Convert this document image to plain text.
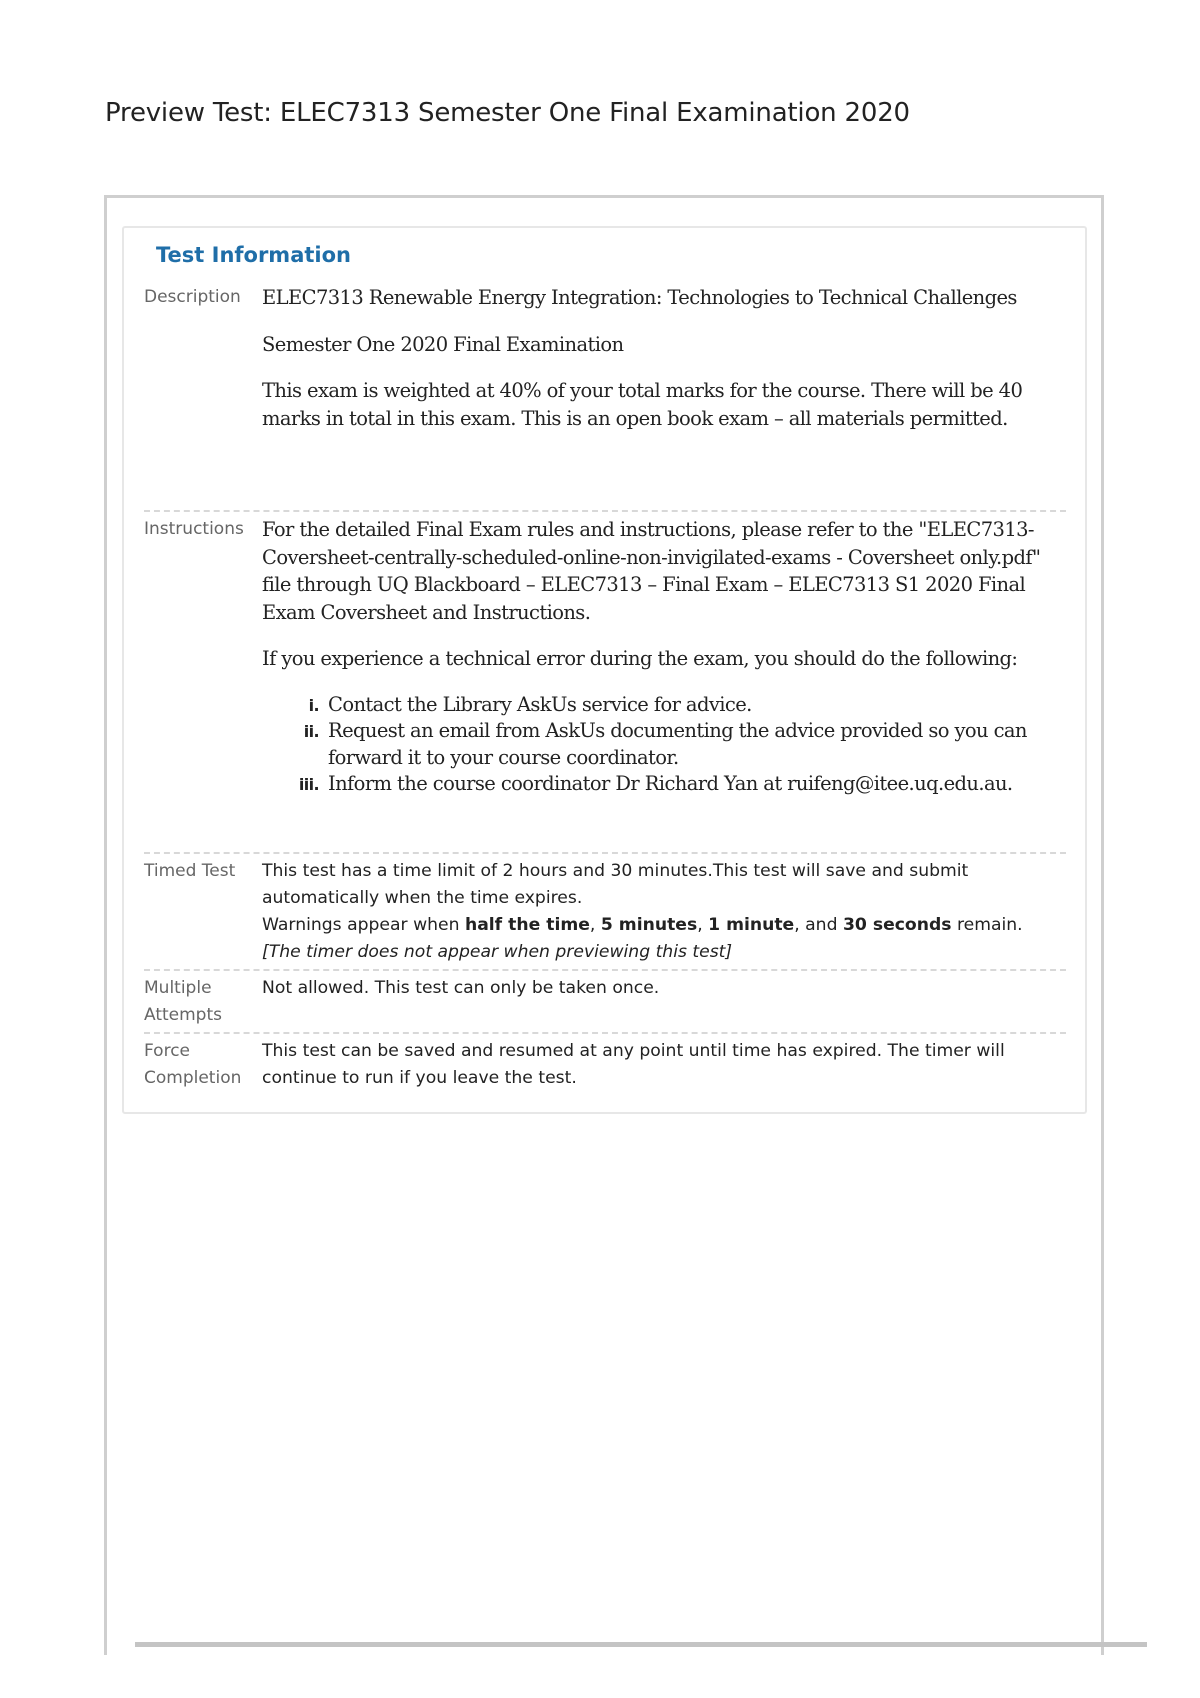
Preview Test: ELEC7313 Semester One Final Examination 2020
Test Information
Description	ELEC7313 Renewable Energy Integration: Technologies to Technical Challenges

Semester One 2020 Final Examination

This exam is weighted at 40% of your total marks for the course. There will be 40 marks in total in this exam. This is an open book exam – all materials permitted.

Instructions For the detailed Final Exam rules and instructions, please refer to the "ELEC7313-Coversheet-centrally-scheduled-online-non-invigilated-exams - Coversheet only.pdf" file through UQ Blackboard – ELEC7313 – Final Exam – ELEC7313 S1 2020 Final Exam Coversheet and Instructions.

If you experience a technical error during the exam, you should do the following:

i. Contact the Library AskUs service for advice.
ii. Request an email from AskUs documenting the advice provided so you can forward it to your course coordinator.
iii. Inform the course coordinator Dr Richard Yan at ruifeng@itee.uq.edu.au.
Timed Test	This test has a time limit of 2 hours and 30 minutes.This test will save and submit automatically when the time expires.
Warnings appear when half the time, 5 minutes, 1 minute, and 30 seconds remain.
[The timer does not appear when previewing this test]
Multiple Attempts
Not allowed. This test can only be taken once.
Force Completion
This test can be saved and resumed at any point until time has expired. The timer will continue to run if you leave the test.
